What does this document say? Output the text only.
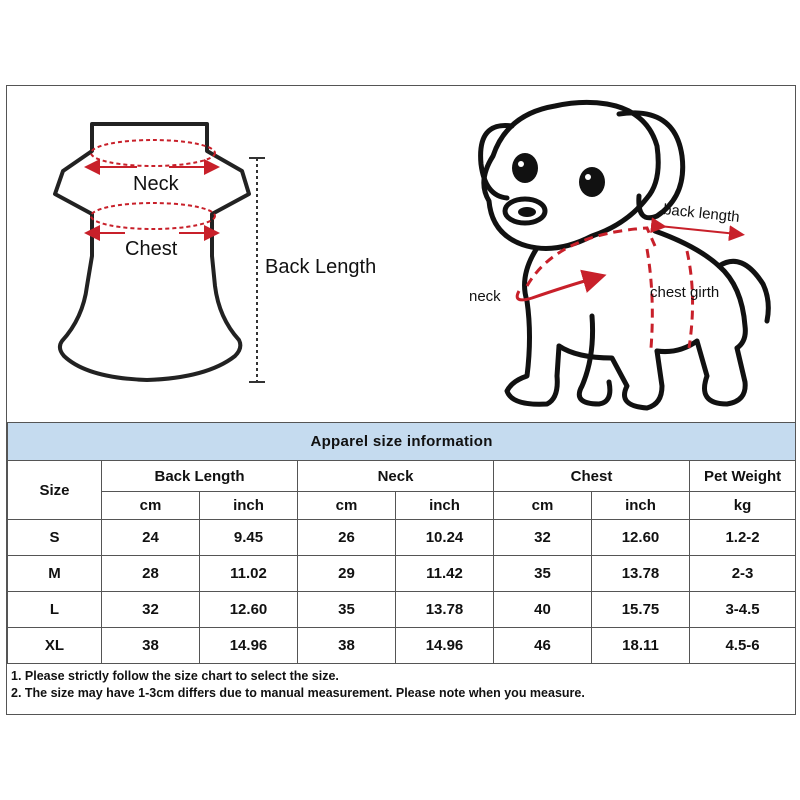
Neck
Chest
Back Length
back length
neck	chest girth
Apparel size information							
Size	Back Length		Neck		Chest		Pet Weight
	cm	inch	cm	inch	cm	inch	kg
S	24	9.45	26	10.24	32	12.60	1.2-2
M	28	11.02	29	11.42	35	13.78	2-3
L	32	12.60	35	13.78	40	15.75	3-4.5
XL	38	14.96	38	14.96	46	18.11	4.5-6
1. Please strictly follow the size chart to select the size.
2. The size may have 1-3cm differs due to manual measurement. Please note when you measure.
